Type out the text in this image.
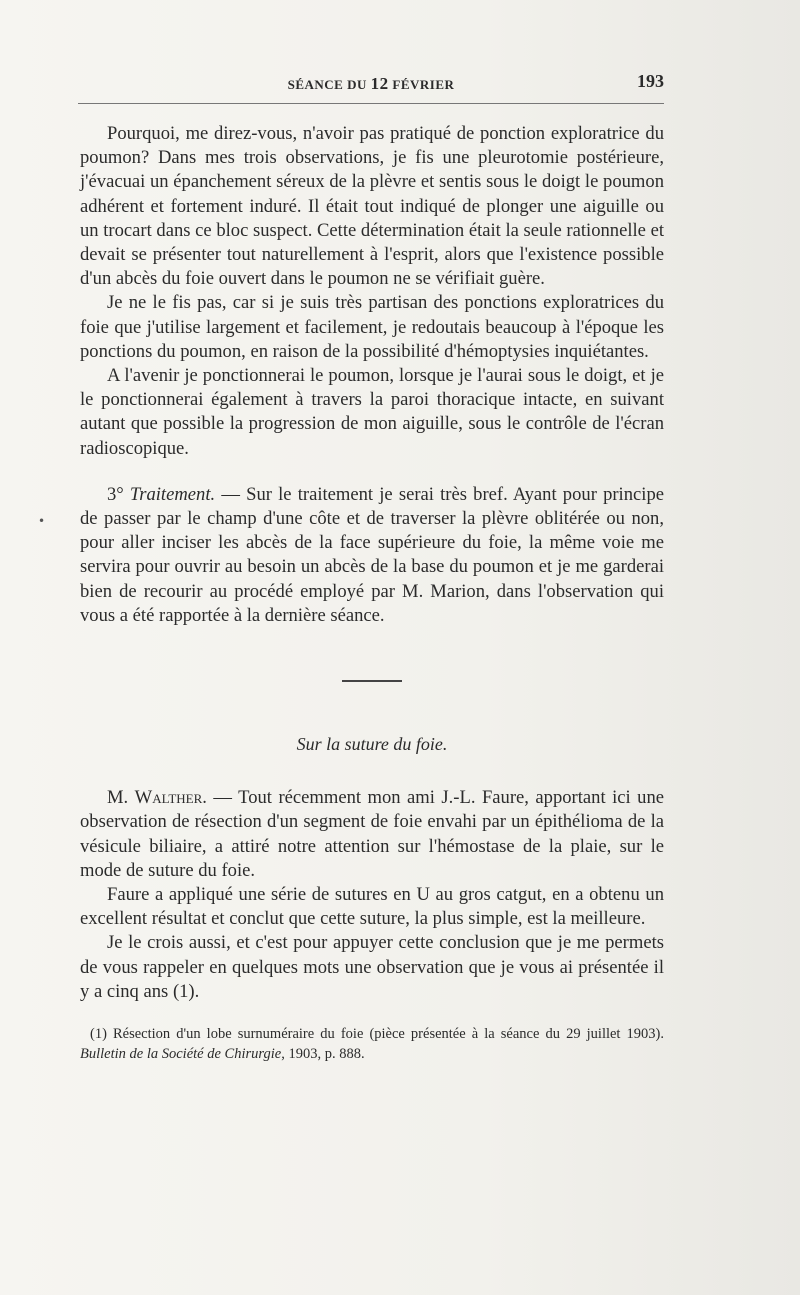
SÉANCE DU 12 FÉVRIER	193
•

Pourquoi, me direz-vous, n'avoir pas pratiqué de ponction exploratrice du poumon? Dans mes trois observations, je fis une pleurotomie postérieure, j'évacuai un épanchement séreux de la plèvre et sentis sous le doigt le poumon adhérent et fortement induré. Il était tout indiqué de plonger une aiguille ou un trocart dans ce bloc suspect. Cette détermination était la seule rationnelle et devait se présenter tout naturellement à l'esprit, alors que l'existence possible d'un abcès du foie ouvert dans le poumon ne se vérifiait guère.

Je ne le fis pas, car si je suis très partisan des ponctions exploratrices du foie que j'utilise largement et facilement, je redoutais beaucoup à l'époque les ponctions du poumon, en raison de la possibilité d'hémoptysies inquiétantes.

A l'avenir je ponctionnerai le poumon, lorsque je l'aurai sous le doigt, et je le ponctionnerai également à travers la paroi thoracique intacte, en suivant autant que possible la progression de mon aiguille, sous le contrôle de l'écran radioscopique.

3° Traitement. — Sur le traitement je serai très bref. Ayant pour principe de passer par le champ d'une côte et de traverser la plèvre oblitérée ou non, pour aller inciser les abcès de la face supérieure du foie, la même voie me servira pour ouvrir au besoin un abcès de la base du poumon et je me garderai bien de recourir au procédé employé par M. Marion, dans l'observation qui vous a été rapportée à la dernière séance.

Sur la suture du foie.

M. Walther. — Tout récemment mon ami J.-L. Faure, apportant ici une observation de résection d'un segment de foie envahi par un épithélioma de la vésicule biliaire, a attiré notre attention sur l'hémostase de la plaie, sur le mode de suture du foie.

Faure a appliqué une série de sutures en U au gros catgut, en a obtenu un excellent résultat et conclut que cette suture, la plus simple, est la meilleure.

Je le crois aussi, et c'est pour appuyer cette conclusion que je me permets de vous rappeler en quelques mots une observation que je vous ai présentée il y a cinq ans (1).

(1) Résection d'un lobe surnuméraire du foie (pièce présentée à la séance du 29 juillet 1903). Bulletin de la Société de Chirurgie, 1903, p. 888.
